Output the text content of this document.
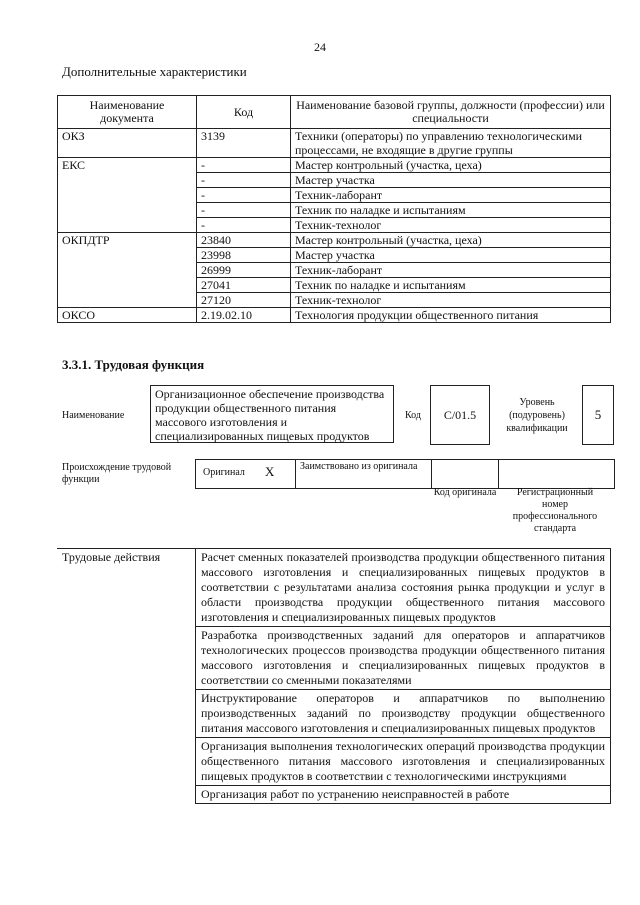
24
Дополнительные характеристики
Наименование документа	Код	Наименование базовой группы, должности (профессии) или специальности
ОКЗ	3139	Техники (операторы) по управлению технологическими процессами, не входящие в другие группы
ЕКС	-	Мастер контрольный (участка, цеха)
	-	Мастер участка
	-	Техник-лаборант
	-	Техник по наладке и испытаниям
	-	Техник-технолог
ОКПДТР	23840	Мастер контрольный (участка, цеха)
	23998	Мастер участка
	26999	Техник-лаборант
	27041	Техник по наладке и испытаниям
	27120	Техник-технолог
ОКСО	2.19.02.10	Технология продукции общественного питания
3.3.1. Трудовая функция
Наименование
Организационное обеспечение производства продукции общественного питания массового изготовления и специализированных пищевых продуктов
Код	C/01.5
Уровень (подуровень) квалификации
5
Происхождение трудовой функции
Оригинал X	Заимствовано из оригинала
Код оригинала	Регистрационный номер профессионального стандарта
Трудовые действия	Расчет сменных показателей производства продукции общественного питания массового изготовления и специализированных пищевых продуктов в соответствии с результатами анализа состояния рынка продукции и услуг в области производства продукции общественного питания массового изготовления и специализированных пищевых продуктов
Разработка производственных заданий для операторов и аппаратчиков технологических процессов производства продукции общественного питания массового изготовления и специализированных пищевых продуктов в соответствии со сменными показателями
Инструктирование операторов и аппаратчиков по выполнению производственных заданий по производству продукции общественного питания массового изготовления и специализированных пищевых продуктов
Организация выполнения технологических операций производства продукции общественного питания массового изготовления и специализированных пищевых продуктов в соответствии с технологическими инструкциями
Организация работ по устранению неисправностей в работе
